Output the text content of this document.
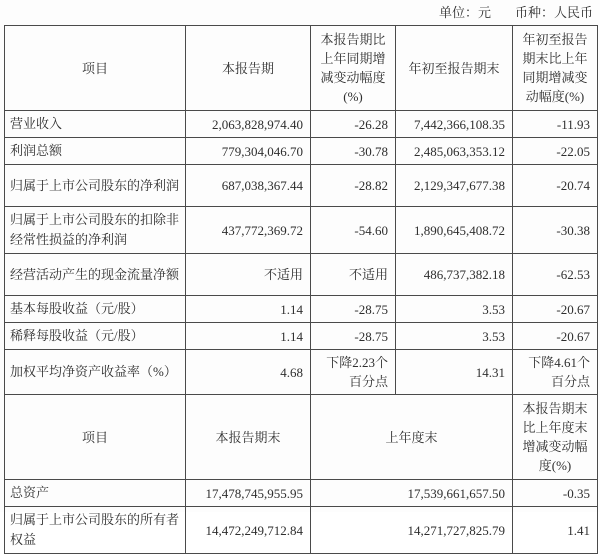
单位：元 币种：人民币
项目	本报告期	本报告期比上年同期增减变动幅度(%)	年初至报告期末	年初至报告期末比上年同期增减变动幅度(%)
营业收入	2,063,828,974.40	-26.28	7,442,366,108.35	-11.93
利润总额	779,304,046.70	-30.78	2,485,063,353.12	-22.05
归属于上市公司股东的净利润	687,038,367.44	-28.82	2,129,347,677.38	-20.74
归属于上市公司股东的扣除非经常性损益的净利润	437,772,369.72	-54.60	1,890,645,408.72	-30.38
经营活动产生的现金流量净额	不适用	不适用	486,737,382.18	-62.53
基本每股收益（元/股）	1.14	-28.75	3.53	-20.67
稀释每股收益（元/股）	1.14	-28.75	3.53	-20.67
加权平均净资产收益率（%）	4.68	下降2.23个百分点	14.31	下降4.61个百分点
项目	本报告期末	上年度末	本报告期末比上年度末增减变动幅度(%)
总资产	17,478,745,955.95	17,539,661,657.50	-0.35
归属于上市公司股东的所有者权益	14,472,249,712.84	14,271,727,825.79	1.41
